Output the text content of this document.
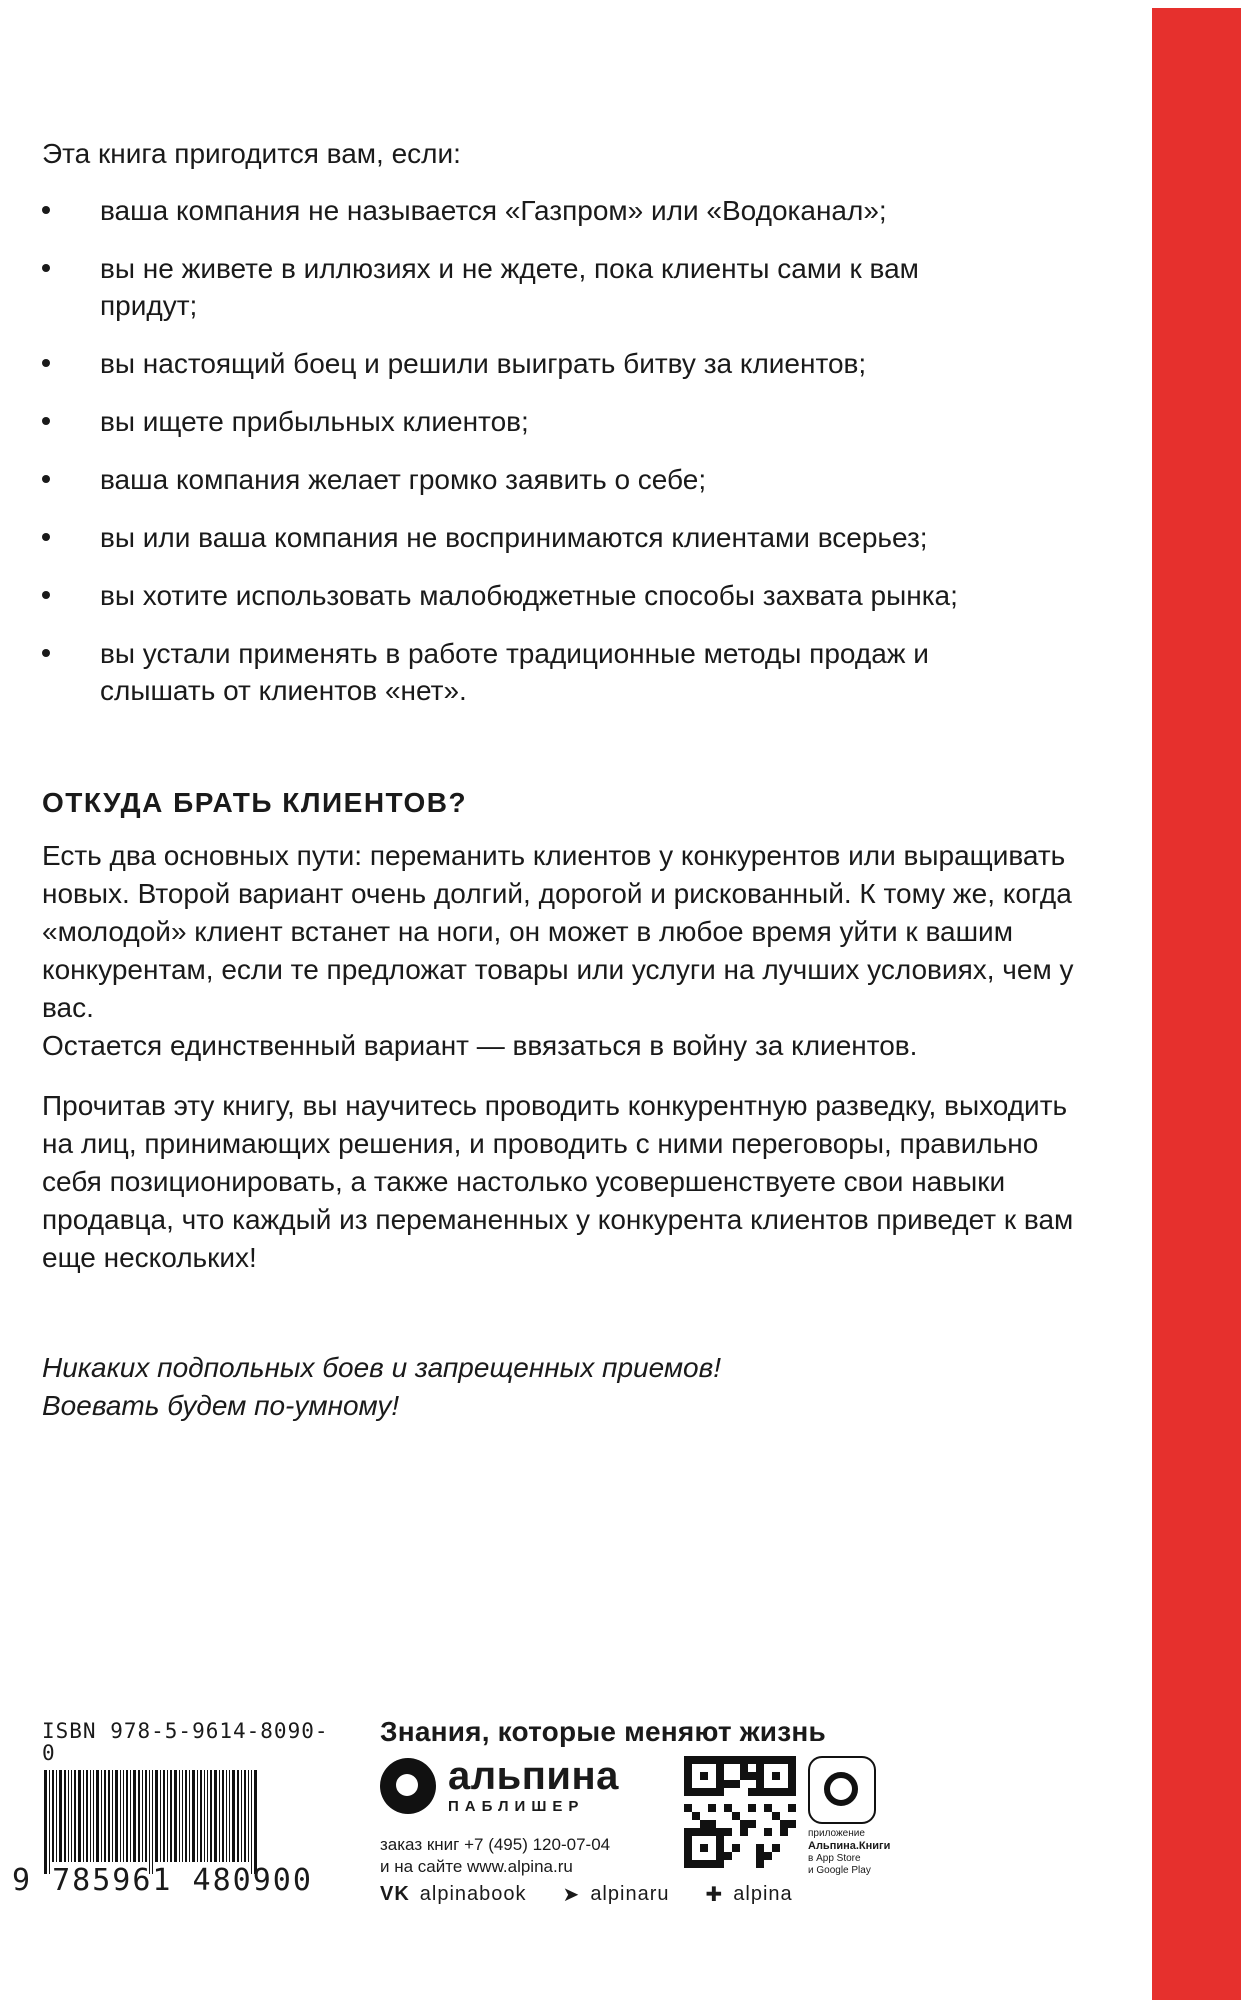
Эта книга пригодится вам, если:

ваша компания не называется «Газпром» или «Водоканал»;
вы не живете в иллюзиях и не ждете, пока клиенты сами к вам придут;
вы настоящий боец и решили выиграть битву за клиентов;
вы ищете прибыльных клиентов;
ваша компания желает громко заявить о себе;
вы или ваша компания не воспринимаются клиентами всерьез;
вы хотите использовать малобюджетные способы захвата рынка;
вы устали применять в работе традиционные методы продаж и слышать от клиентов «нет».
ОТКУДА БРАТЬ КЛИЕНТОВ?

Есть два основных пути: переманить клиентов у конкурентов или выращивать новых. Второй вариант очень долгий, дорогой и рискованный. К тому же, когда «молодой» клиент встанет на ноги, он может в любое время уйти к вашим конкурентам, если те предложат товары или услуги на лучших условиях, чем у вас.

Остается единственный вариант — ввязаться в войну за клиентов.

Прочитав эту книгу, вы научитесь проводить конкурентную разведку, выходить на лиц, принимающих решения, и проводить с ними переговоры, правильно себя позиционировать, а также настолько усовершенствуете свои навыки продавца, что каждый из переманенных у конкурента клиентов приведет к вам еще нескольких!

Никаких подпольных боев и запрещенных приемов!
Воевать будем по-умному!
ISBN 978-5-9614-8090-0
9 785961 480900
Знания, которые меняют жизнь
альпина
ПАБЛИШЕР
заказ книг +7 (495) 120-07-04
и на сайте www.alpina.ru
VK alpinabook ➤ alpinaru ✚ alpina
приложение
Альпина.Книги
в App Store
и Google Play
